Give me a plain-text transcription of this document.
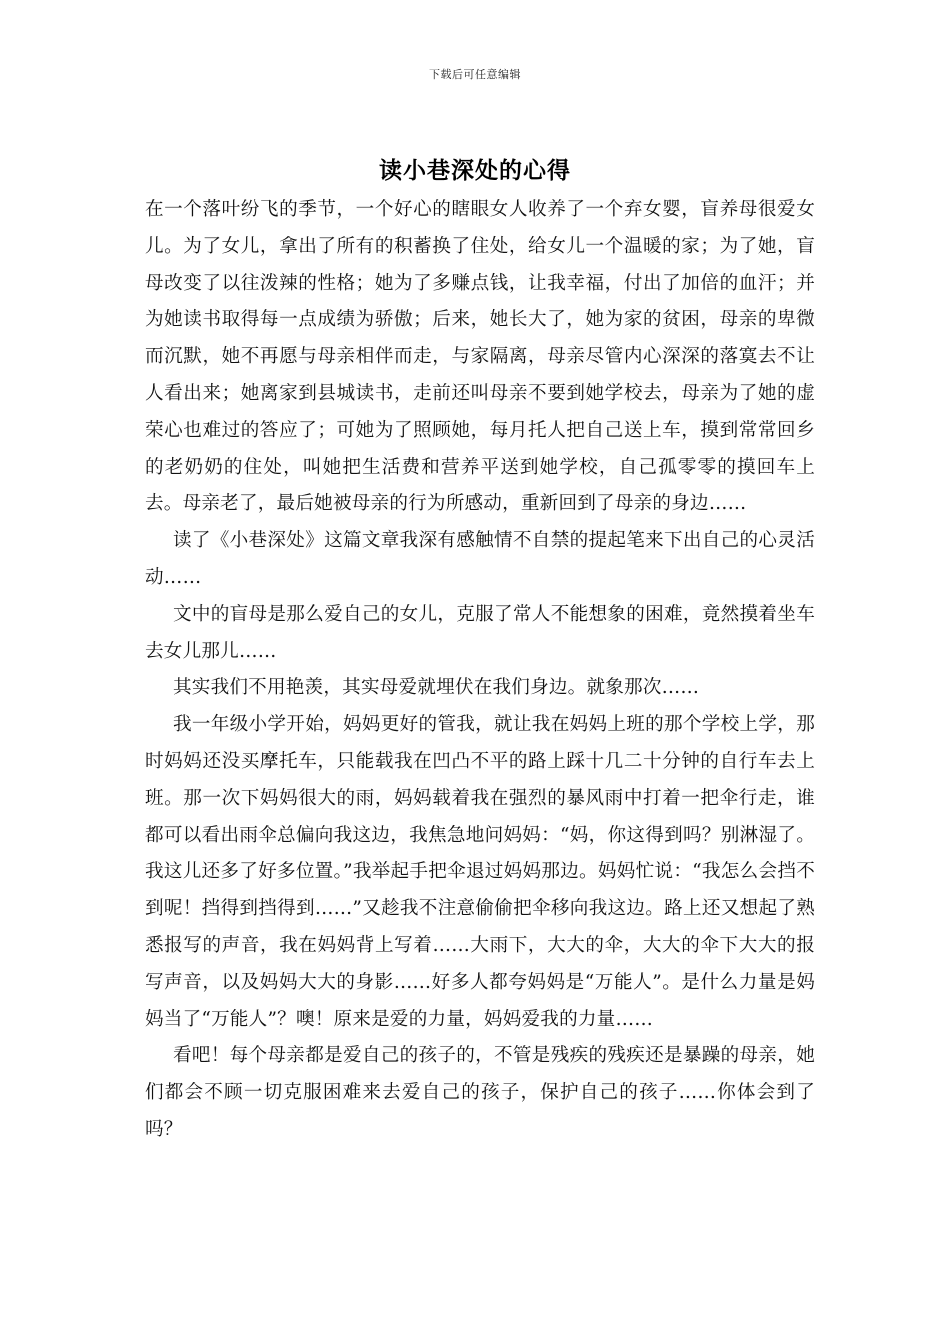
下载后可任意编辑
读小巷深处的心得

在一个落叶纷飞的季节，一个好心的瞎眼女人收养了一个弃女婴，盲养母很爱女儿。为了女儿，拿出了所有的积蓄换了住处，给女儿一个温暖的家；为了她，盲母改变了以往泼辣的性格；她为了多赚点钱，让我幸福，付出了加倍的血汗；并为她读书取得每一点成绩为骄傲；后来，她长大了，她为家的贫困，母亲的卑微而沉默，她不再愿与母亲相伴而走，与家隔离，母亲尽管内心深深的落寞去不让人看出来；她离家到县城读书，走前还叫母亲不要到她学校去，母亲为了她的虚荣心也难过的答应了；可她为了照顾她，每月托人把自己送上车，摸到常常回乡的老奶奶的住处，叫她把生活费和营养平送到她学校，自己孤零零的摸回车上去。母亲老了，最后她被母亲的行为所感动，重新回到了母亲的身边……

读了《小巷深处》这篇文章我深有感触情不自禁的提起笔来下出自己的心灵活动……

文中的盲母是那么爱自己的女儿，克服了常人不能想象的困难，竟然摸着坐车去女儿那儿……

其实我们不用艳羡，其实母爱就埋伏在我们身边。就象那次……

我一年级小学开始，妈妈更好的管我，就让我在妈妈上班的那个学校上学，那时妈妈还没买摩托车，只能载我在凹凸不平的路上踩十几二十分钟的自行车去上班。那一次下妈妈很大的雨，妈妈载着我在强烈的暴风雨中打着一把伞行走，谁都可以看出雨伞总偏向我这边，我焦急地问妈妈：“妈，你这得到吗？别淋湿了。我这儿还多了好多位置。”我举起手把伞退过妈妈那边。妈妈忙说：“我怎么会挡不到呢！挡得到挡得到……”又趁我不注意偷偷把伞移向我这边。路上还又想起了熟悉报写的声音，我在妈妈背上写着……大雨下，大大的伞，大大的伞下大大的报写声音，以及妈妈大大的身影……好多人都夸妈妈是“万能人”。是什么力量是妈妈当了“万能人”？噢！原来是爱的力量，妈妈爱我的力量……

看吧！每个母亲都是爱自己的孩子的，不管是残疾的残疾还是暴躁的母亲，她们都会不顾一切克服困难来去爱自己的孩子，保护自己的孩子……你体会到了吗？
